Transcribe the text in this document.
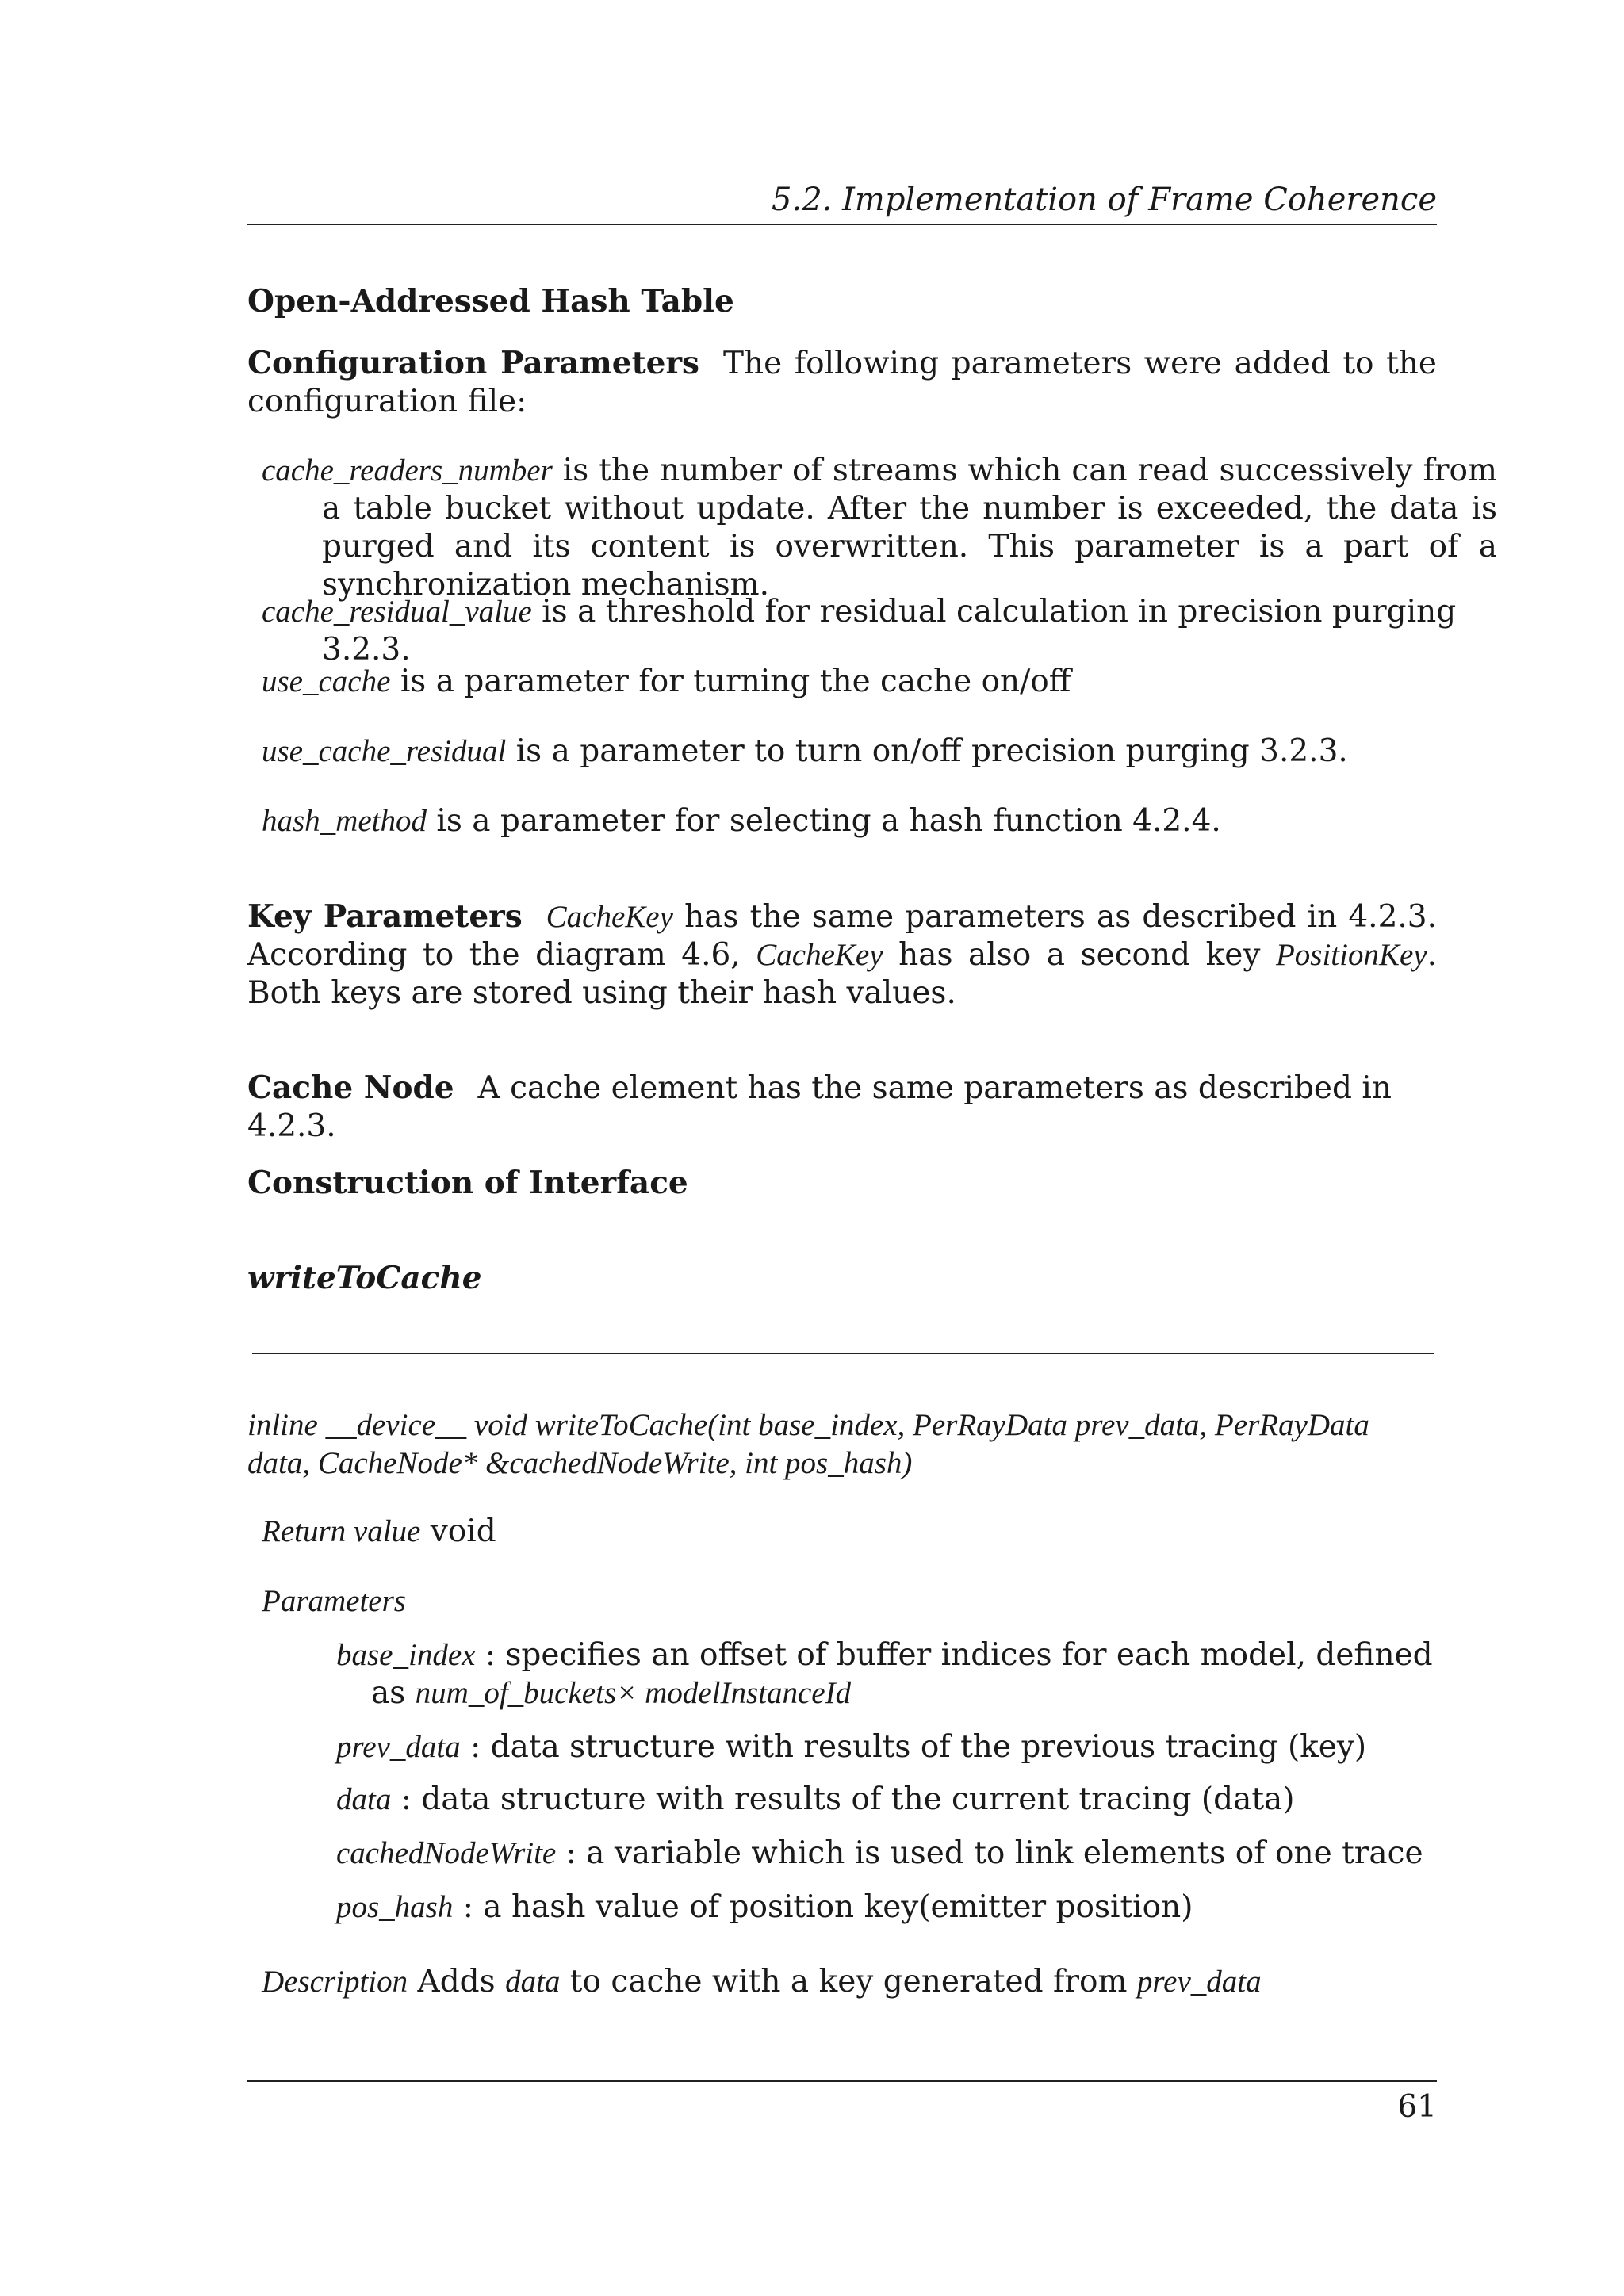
5.2. Implementation of Frame Coherence
Open-Addressed Hash Table
Configuration Parameters The following parameters were added to the configuration file:
cache_readers_number is the number of streams which can read successively from a table bucket without update. After the number is exceeded, the data is purged and its content is overwritten. This parameter is a part of a synchronization mechanism.
cache_residual_value is a threshold for residual calculation in precision purging 3.2.3.
use_cache is a parameter for turning the cache on/off
use_cache_residual is a parameter to turn on/off precision purging 3.2.3.
hash_method is a parameter for selecting a hash function 4.2.4.
Key Parameters CacheKey has the same parameters as described in 4.2.3. According to the diagram 4.6, CacheKey has also a second key PositionKey. Both keys are stored using their hash values.
Cache Node A cache element has the same parameters as described in 4.2.3.
Construction of Interface
writeToCache
inline __device__ void writeToCache(int base_index, PerRayData prev_data, PerRayData data, CacheNode* &cachedNodeWrite, int pos_hash)
Return value void
Parameters
base_index : specifies an offset of buffer indices for each model, defined as num_of_buckets× modelInstanceId
prev_data : data structure with results of the previous tracing (key)
data : data structure with results of the current tracing (data)
cachedNodeWrite : a variable which is used to link elements of one trace
pos_hash : a hash value of position key(emitter position)
Description Adds data to cache with a key generated from prev_data
61
